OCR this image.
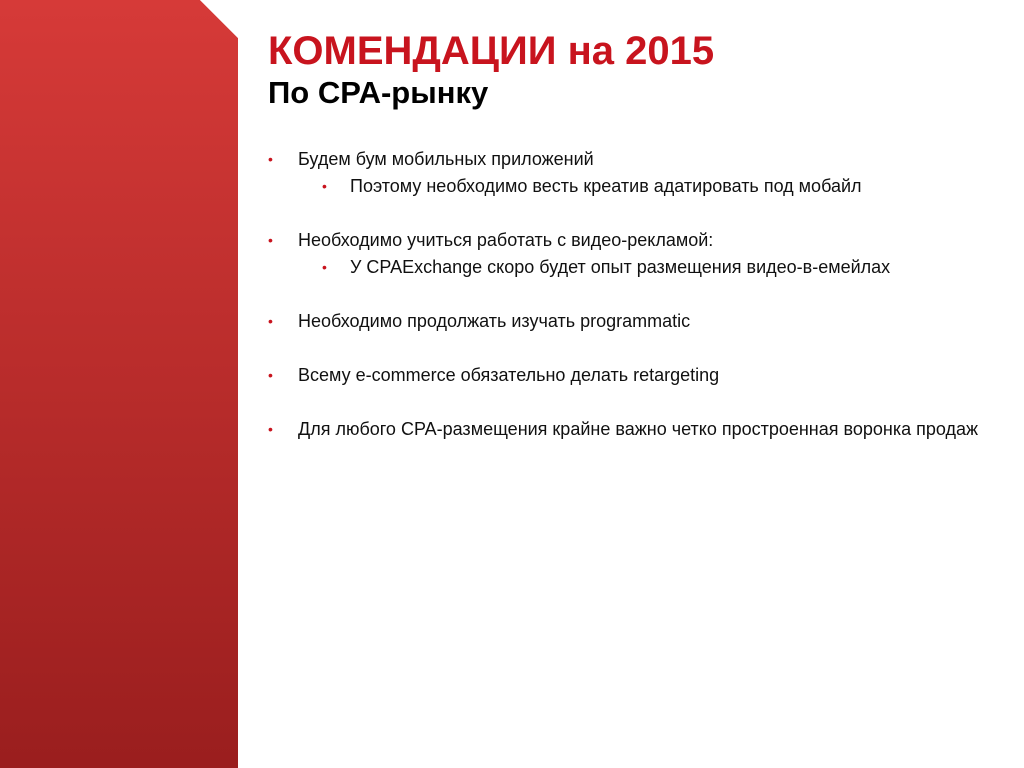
КОМЕНДАЦИИ на 2015
По CPA-рынку
• Будем бум мобильных приложений
• Поэтому необходимо весть креатив адатировать под мобайл
• Необходимо учиться работать с видео-рекламой:
• У CPAExchange скоро будет опыт размещения видео-в-емейлах
• Необходимо продолжать изучать programmatic
• Всему e-commerce обязательно делать retargeting
• Для любого CPA-размещения крайне важно четко простроенная воронка продаж
